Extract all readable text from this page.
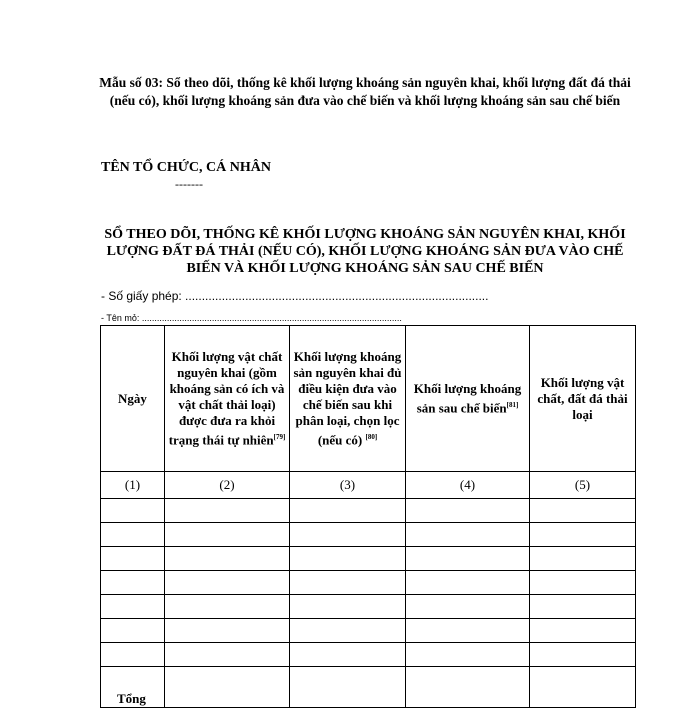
Mẫu số 03: Sổ theo dõi, thống kê khối lượng khoáng sản nguyên khai, khối lượng đất đá thải (nếu có), khối lượng khoáng sản đưa vào chế biến và khối lượng khoáng sản sau chế biến
TÊN TỔ CHỨC, CÁ NHÂN
-------
SỔ THEO DÕI, THỐNG KÊ KHỐI LƯỢNG KHOÁNG SẢN NGUYÊN KHAI, KHỐI LƯỢNG ĐẤT ĐÁ THẢI (NẾU CÓ), KHỐI LƯỢNG KHOÁNG SẢN ĐƯA VÀO CHẾ BIẾN VÀ KHỐI LƯỢNG KHOÁNG SẢN SAU CHẾ BIẾN
- Số giấy phép: ...........................................................................................
- Tên mỏ: ........................................................................................................
Ngày	Khối lượng vật chất nguyên khai (gồm khoáng sản có ích và vật chất thải loại) được đưa ra khỏi trạng thái tự nhiên[79]	Khối lượng khoáng sản nguyên khai đủ điều kiện đưa vào chế biến sau khi phân loại, chọn lọc (nếu có) [80]	Khối lượng khoáng sản sau chế biến[81]	Khối lượng vật chất, đất đá thải loại

(1)	(2)	(3)	(4)	(5)

Tổng				
